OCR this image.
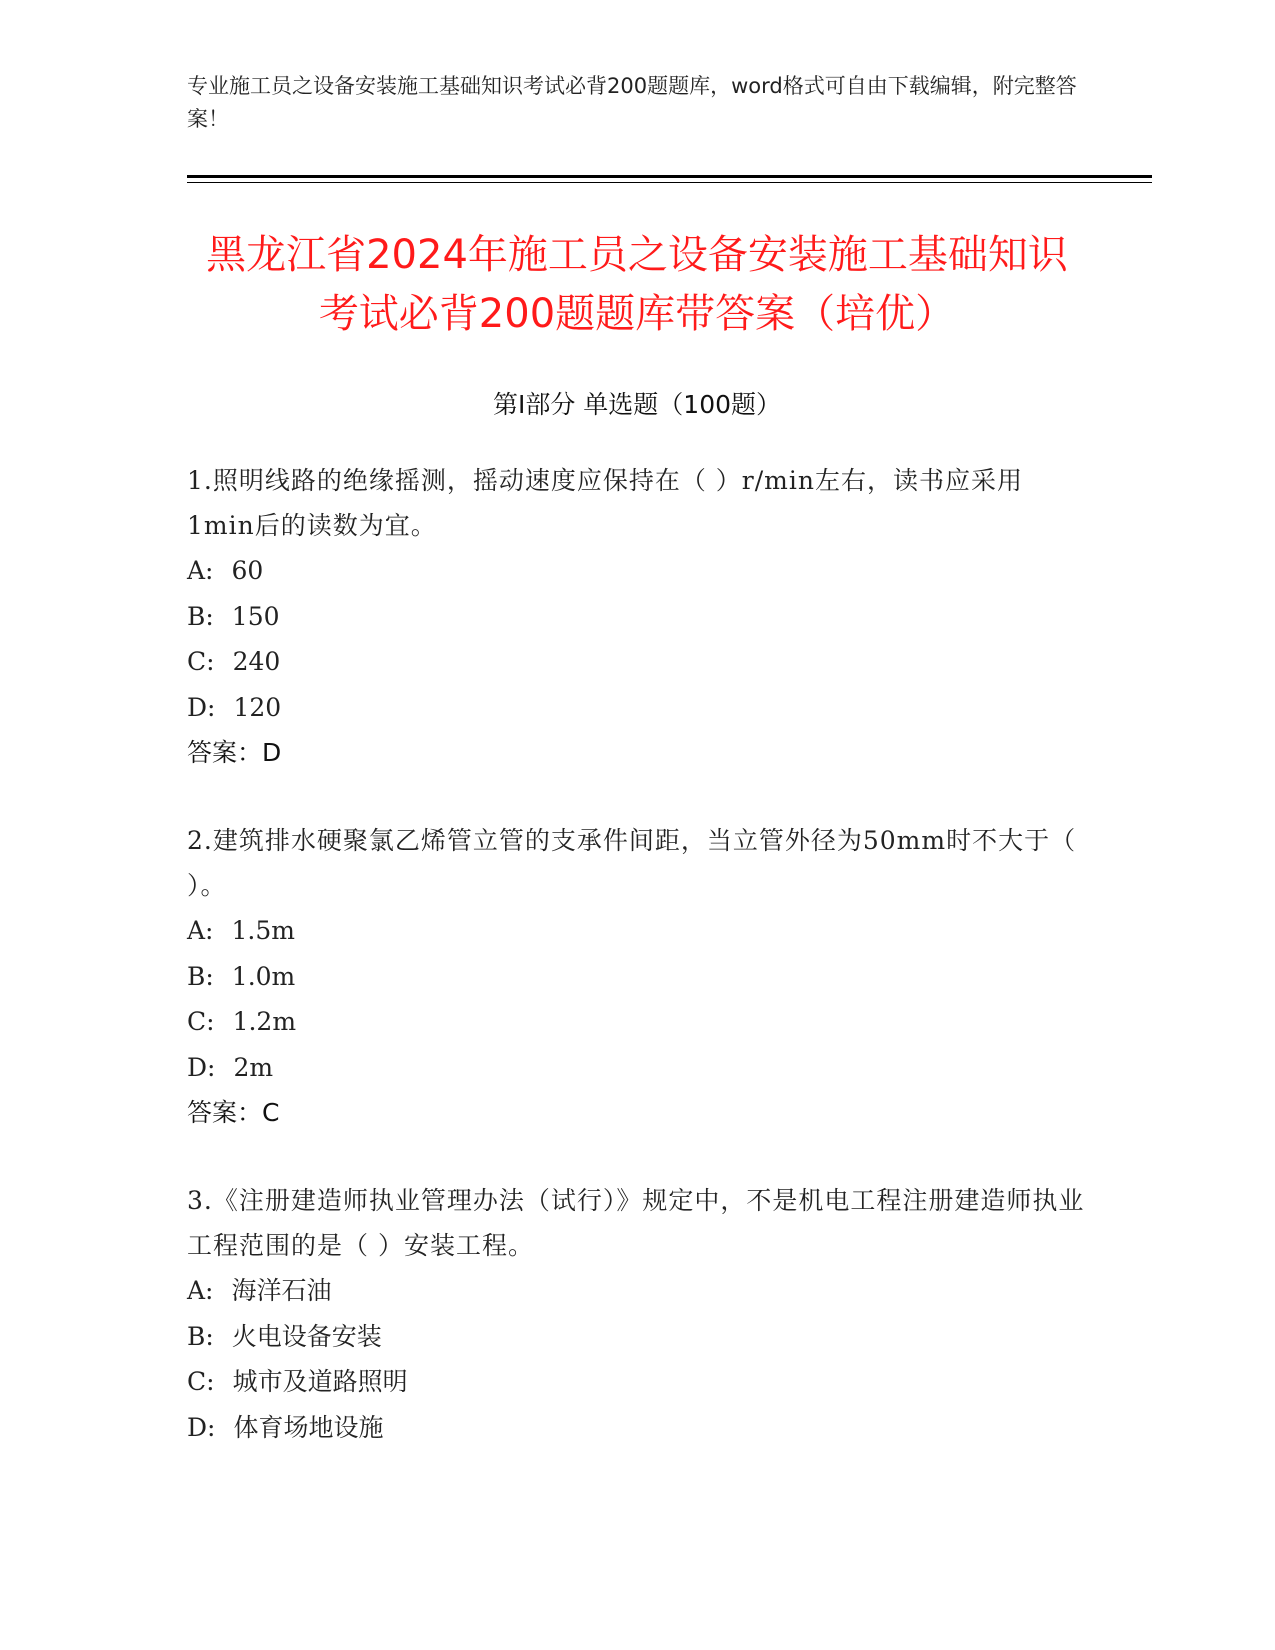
专业施工员之设备安装施工基础知识考试必背200题题库，word格式可自由下载编辑，附完整答案！
黑龙江省2024年施工员之设备安装施工基础知识考试必背200题题库带答案（培优）
第I部分 单选题（100题）
1.照明线路的绝缘摇测，摇动速度应保持在（ ）r/min左右，读书应采用1min后的读数为宜。
A: 60
B: 150
C: 240
D: 120
答案：D
2.建筑排水硬聚氯乙烯管立管的支承件间距，当立管外径为50mm时不大于（ ）。
A: 1.5m
B: 1.0m
C: 1.2m
D: 2m
答案：C
3.《注册建造师执业管理办法（试行）》规定中，不是机电工程注册建造师执业工程范围的是（ ）安装工程。
A: 海洋石油
B: 火电设备安装
C: 城市及道路照明
D: 体育场地设施
